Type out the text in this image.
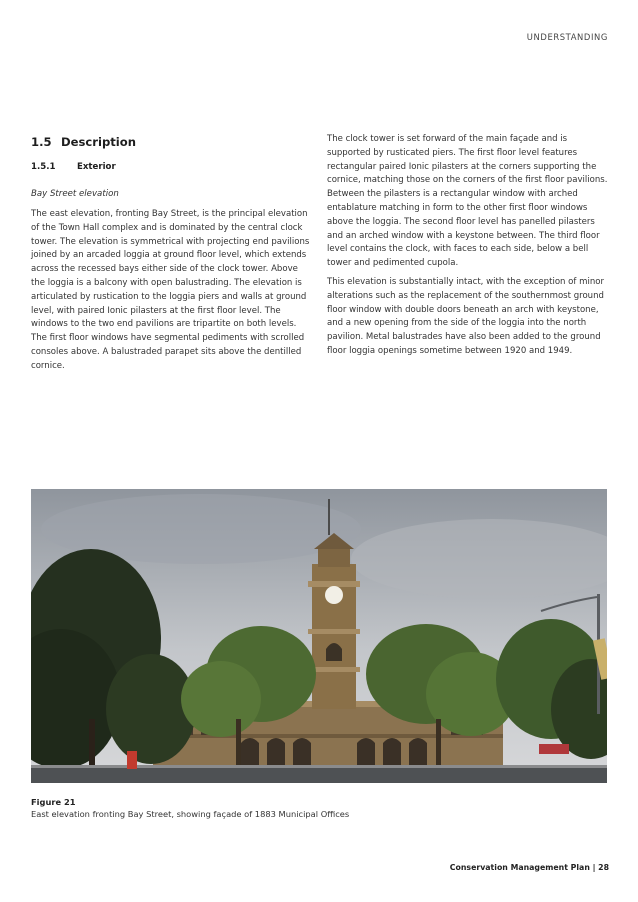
UNDERSTANDING
1.5 Description
1.5.1	Exterior
Bay Street elevation

The east elevation, fronting Bay Street, is the principal elevation of the Town Hall complex and is dominated by the central clock tower. The elevation is symmetrical with projecting end pavilions joined by an arcaded loggia at ground floor level, which extends across the recessed bays either side of the clock tower. Above the loggia is a balcony with open balustrading. The elevation is articulated by rustication to the loggia piers and walls at ground level, with paired Ionic pilasters at the first floor level. The windows to the two end pavilions are tripartite on both levels. The first floor windows have segmental pediments with scrolled consoles above. A balustraded parapet sits above the dentilled cornice.

The clock tower is set forward of the main façade and is supported by rusticated piers. The first floor level features rectangular paired Ionic pilasters at the corners supporting the cornice, matching those on the corners of the first floor pavilions. Between the pilasters is a rectangular window with arched entablature matching in form to the other first floor windows above the loggia. The second floor level has panelled pilasters and an arched window with a keystone between. The third floor level contains the clock, with faces to each side, below a bell tower and pedimented cupola.

This elevation is substantially intact, with the exception of minor alterations such as the replacement of the southernmost ground floor window with double doors beneath an arch with keystone, and a new opening from the side of the loggia into the north pavilion. Metal balustrades have also been added to the ground floor loggia openings sometime between 1920 and 1949.

Figure 21
East elevation fronting Bay Street, showing façade of 1883 Municipal Offices
Conservation Management Plan | 28
